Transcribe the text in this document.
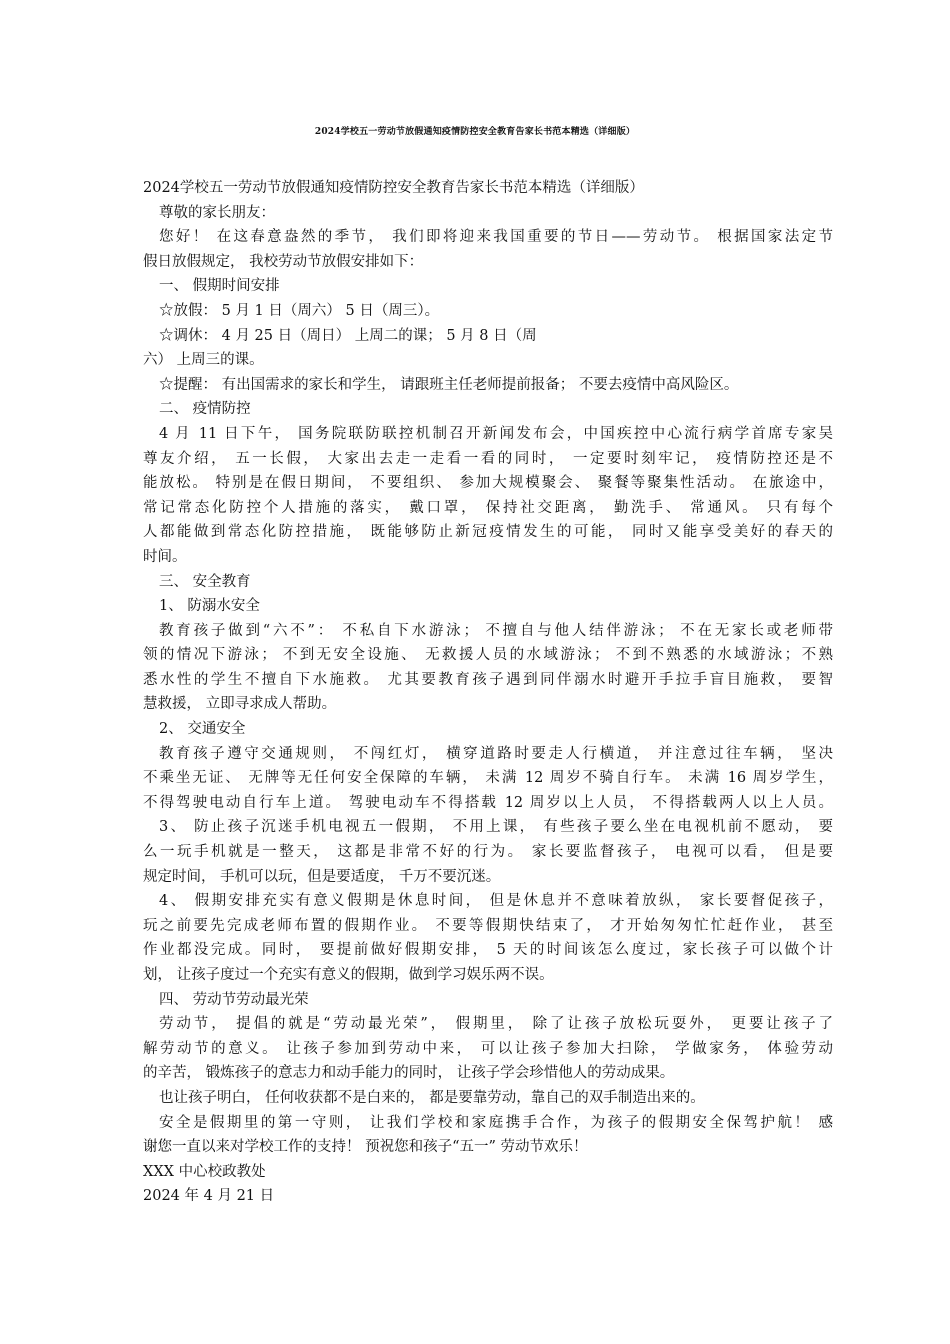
2024学校五一劳动节放假通知疫情防控安全教育告家长书范本精选（详细版）
2024学校五一劳动节放假通知疫情防控安全教育告家长书范本精选（详细版）
尊敬的家长朋友：
您好！ 在这春意盎然的季节， 我们即将迎来我国重要的节日——劳动节。 根据国家法定节
假日放假规定， 我校劳动节放假安排如下：
一、 假期时间安排
☆放假： 5 月 1 日（周六） 5 日（周三）。
☆调休： 4 月 25 日（周日） 上周二的课； 5 月 8 日（周
六） 上周三的课。
☆提醒： 有出国需求的家长和学生， 请跟班主任老师提前报备； 不要去疫情中高风险区。
二、 疫情防控
4 月 11 日下午， 国务院联防联控机制召开新闻发布会，中国疾控中心流行病学首席专家吴
尊友介绍， 五一长假， 大家出去走一走看一看的同时， 一定要时刻牢记， 疫情防控还是不
能放松。 特别是在假日期间， 不要组织、 参加大规模聚会、 聚餐等聚集性活动。 在旅途中，
常记常态化防控个人措施的落实， 戴口罩， 保持社交距离， 勤洗手、 常通风。 只有每个
人都能做到常态化防控措施， 既能够防止新冠疫情发生的可能， 同时又能享受美好的春天的
时间。
三、 安全教育
1、 防溺水安全
教育孩子做到“六不”： 不私自下水游泳； 不擅自与他人结伴游泳； 不在无家长或老师带
领的情况下游泳； 不到无安全设施、 无救援人员的水域游泳； 不到不熟悉的水域游泳；不熟
悉水性的学生不擅自下水施救。 尤其要教育孩子遇到同伴溺水时避开手拉手盲目施救， 要智
慧救援， 立即寻求成人帮助。
2、 交通安全
教育孩子遵守交通规则， 不闯红灯， 横穿道路时要走人行横道， 并注意过往车辆， 坚决
不乘坐无证、 无牌等无任何安全保障的车辆， 未满 12 周岁不骑自行车。 未满 16 周岁学生，
不得驾驶电动自行车上道。 驾驶电动车不得搭载 12 周岁以上人员， 不得搭载两人以上人员。
3、 防止孩子沉迷手机电视五一假期， 不用上课， 有些孩子要么坐在电视机前不愿动， 要
么一玩手机就是一整天， 这都是非常不好的行为。 家长要监督孩子， 电视可以看， 但是要
规定时间， 手机可以玩，但是要适度， 千万不要沉迷。
4、 假期安排充实有意义假期是休息时间， 但是休息并不意味着放纵， 家长要督促孩子，
玩之前要先完成老师布置的假期作业。 不要等假期快结束了， 才开始匆匆忙忙赶作业， 甚至
作业都没完成。同时， 要提前做好假期安排， 5 天的时间该怎么度过，家长孩子可以做个计
划， 让孩子度过一个充实有意义的假期，做到学习娱乐两不误。
四、 劳动节劳动最光荣
劳动节， 提倡的就是“劳动最光荣”， 假期里， 除了让孩子放松玩耍外， 更要让孩子了
解劳动节的意义。 让孩子参加到劳动中来， 可以让孩子参加大扫除， 学做家务， 体验劳动
的辛苦， 锻炼孩子的意志力和动手能力的同时， 让孩子学会珍惜他人的劳动成果。
也让孩子明白， 任何收获都不是白来的， 都是要靠劳动，靠自己的双手制造出来的。
安全是假期里的第一守则， 让我们学校和家庭携手合作，为孩子的假期安全保驾护航！ 感
谢您一直以来对学校工作的支持！ 预祝您和孩子“五一” 劳动节欢乐！
XXX 中心校政教处
2024 年 4 月 21 日
